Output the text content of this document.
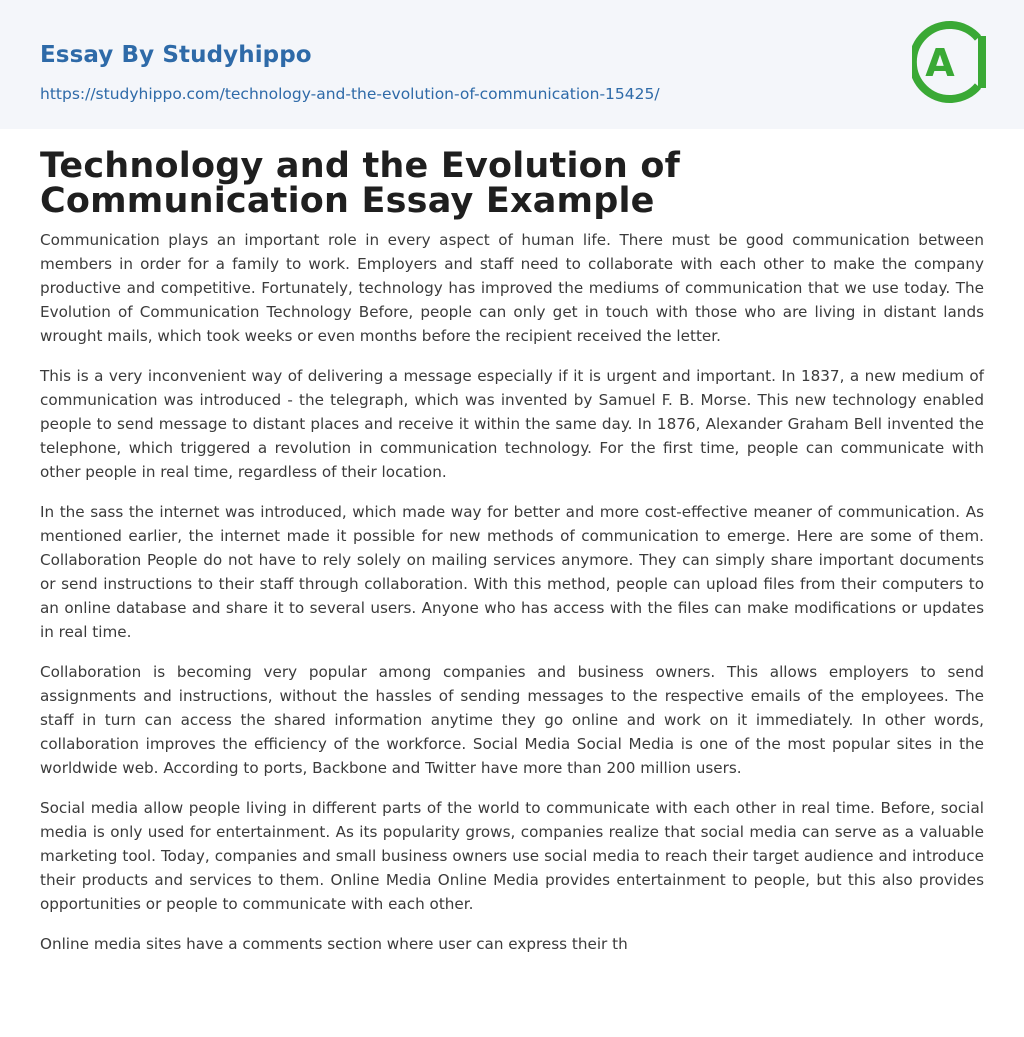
Essay By Studyhippo
https://studyhippo.com/technology-and-the-evolution-of-communication-15425/
A
Technology and the Evolution of Communication Essay Example

Communication plays an important role in every aspect of human life. There must be good communication between members in order for a family to work. Employers and staff need to collaborate with each other to make the company productive and competitive. Fortunately, technology has improved the mediums of communication that we use today. The Evolution of Communication Technology Before, people can only get in touch with those who are living in distant lands wrought mails, which took weeks or even months before the recipient received the letter.

This is a very inconvenient way of delivering a message especially if it is urgent and important. In 1837, a new medium of communication was introduced - the telegraph, which was invented by Samuel F. B. Morse. This new technology enabled people to send message to distant places and receive it within the same day. In 1876, Alexander Graham Bell invented the telephone, which triggered a revolution in communication technology. For the first time, people can communicate with other people in real time, regardless of their location.

In the sass the internet was introduced, which made way for better and more cost-effective meaner of communication. As mentioned earlier, the internet made it possible for new methods of communication to emerge. Here are some of them. Collaboration People do not have to rely solely on mailing services anymore. They can simply share important documents or send instructions to their staff through collaboration. With this method, people can upload files from their computers to an online database and share it to several users. Anyone who has access with the files can make modifications or updates in real time.

Collaboration is becoming very popular among companies and business owners. This allows employers to send assignments and instructions, without the hassles of sending messages to the respective emails of the employees. The staff in turn can access the shared information anytime they go online and work on it immediately. In other words, collaboration improves the efficiency of the workforce. Social Media Social Media is one of the most popular sites in the worldwide web. According to ports, Backbone and Twitter have more than 200 million users.

Social media allow people living in different parts of the world to communicate with each other in real time. Before, social media is only used for entertainment. As its popularity grows, companies realize that social media can serve as a valuable marketing tool. Today, companies and small business owners use social media to reach their target audience and introduce their products and services to them. Online Media Online Media provides entertainment to people, but this also provides opportunities or people to communicate with each other.

Online media sites have a comments section where user can express their th
